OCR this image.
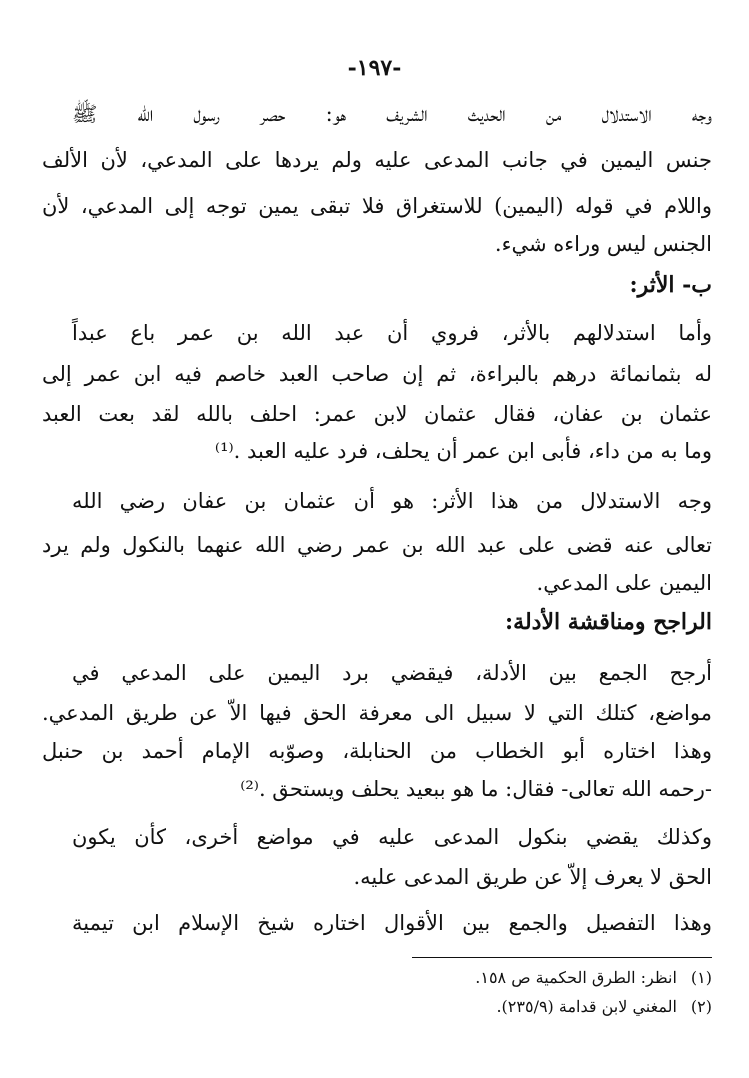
-١٩٧-
وجه الاستدلال من الحديث الشريف هو: حصر رسول الله ﷺ
جنس اليمين في جانب المدعى عليه ولم يردها على المدعي، لأن الألف
واللام في قوله (اليمين) للاستغراق فلا تبقى يمين توجه إلى المدعي، لأن
الجنس ليس وراءه شيء.
ب- الأثر:
وأما استدلالهم بالأثر، فروي أن عبد الله بن عمر باع عبداً
له بثمانمائة درهم بالبراءة، ثم إن صاحب العبد خاصم فيه ابن عمر إلى
عثمان بن عفان، فقال عثمان لابن عمر: احلف بالله لقد بعت العبد
وما به من داء، فأبى ابن عمر أن يحلف، فرد عليه العبد .⁽¹⁾
وجه الاستدلال من هذا الأثر: هو أن عثمان بن عفان رضي الله
تعالى عنه قضى على عبد الله بن عمر رضي الله عنهما بالنكول ولم يرد
اليمين على المدعي.
الراجح ومناقشة الأدلة:
أرجح الجمع بين الأدلة، فيقضي برد اليمين على المدعي في
مواضع، كتلك التي لا سبيل الى معرفة الحق فيها الاّ عن طريق المدعي.
وهذا اختاره أبو الخطاب من الحنابلة، وصوّبه الإمام أحمد بن حنبل
-رحمه الله تعالى- فقال: ما هو ببعيد يحلف ويستحق .⁽²⁾
وكذلك يقضي بنكول المدعى عليه في مواضع أخرى، كأن يكون
الحق لا يعرف إلاّ عن طريق المدعى عليه.
وهذا التفصيل والجمع بين الأقوال اختاره شيخ الإسلام ابن تيمية
(١)انظر: الطرق الحكمية ص ١٥٨.
(٢)المغني لابن قدامة (٢٣٥/٩).
